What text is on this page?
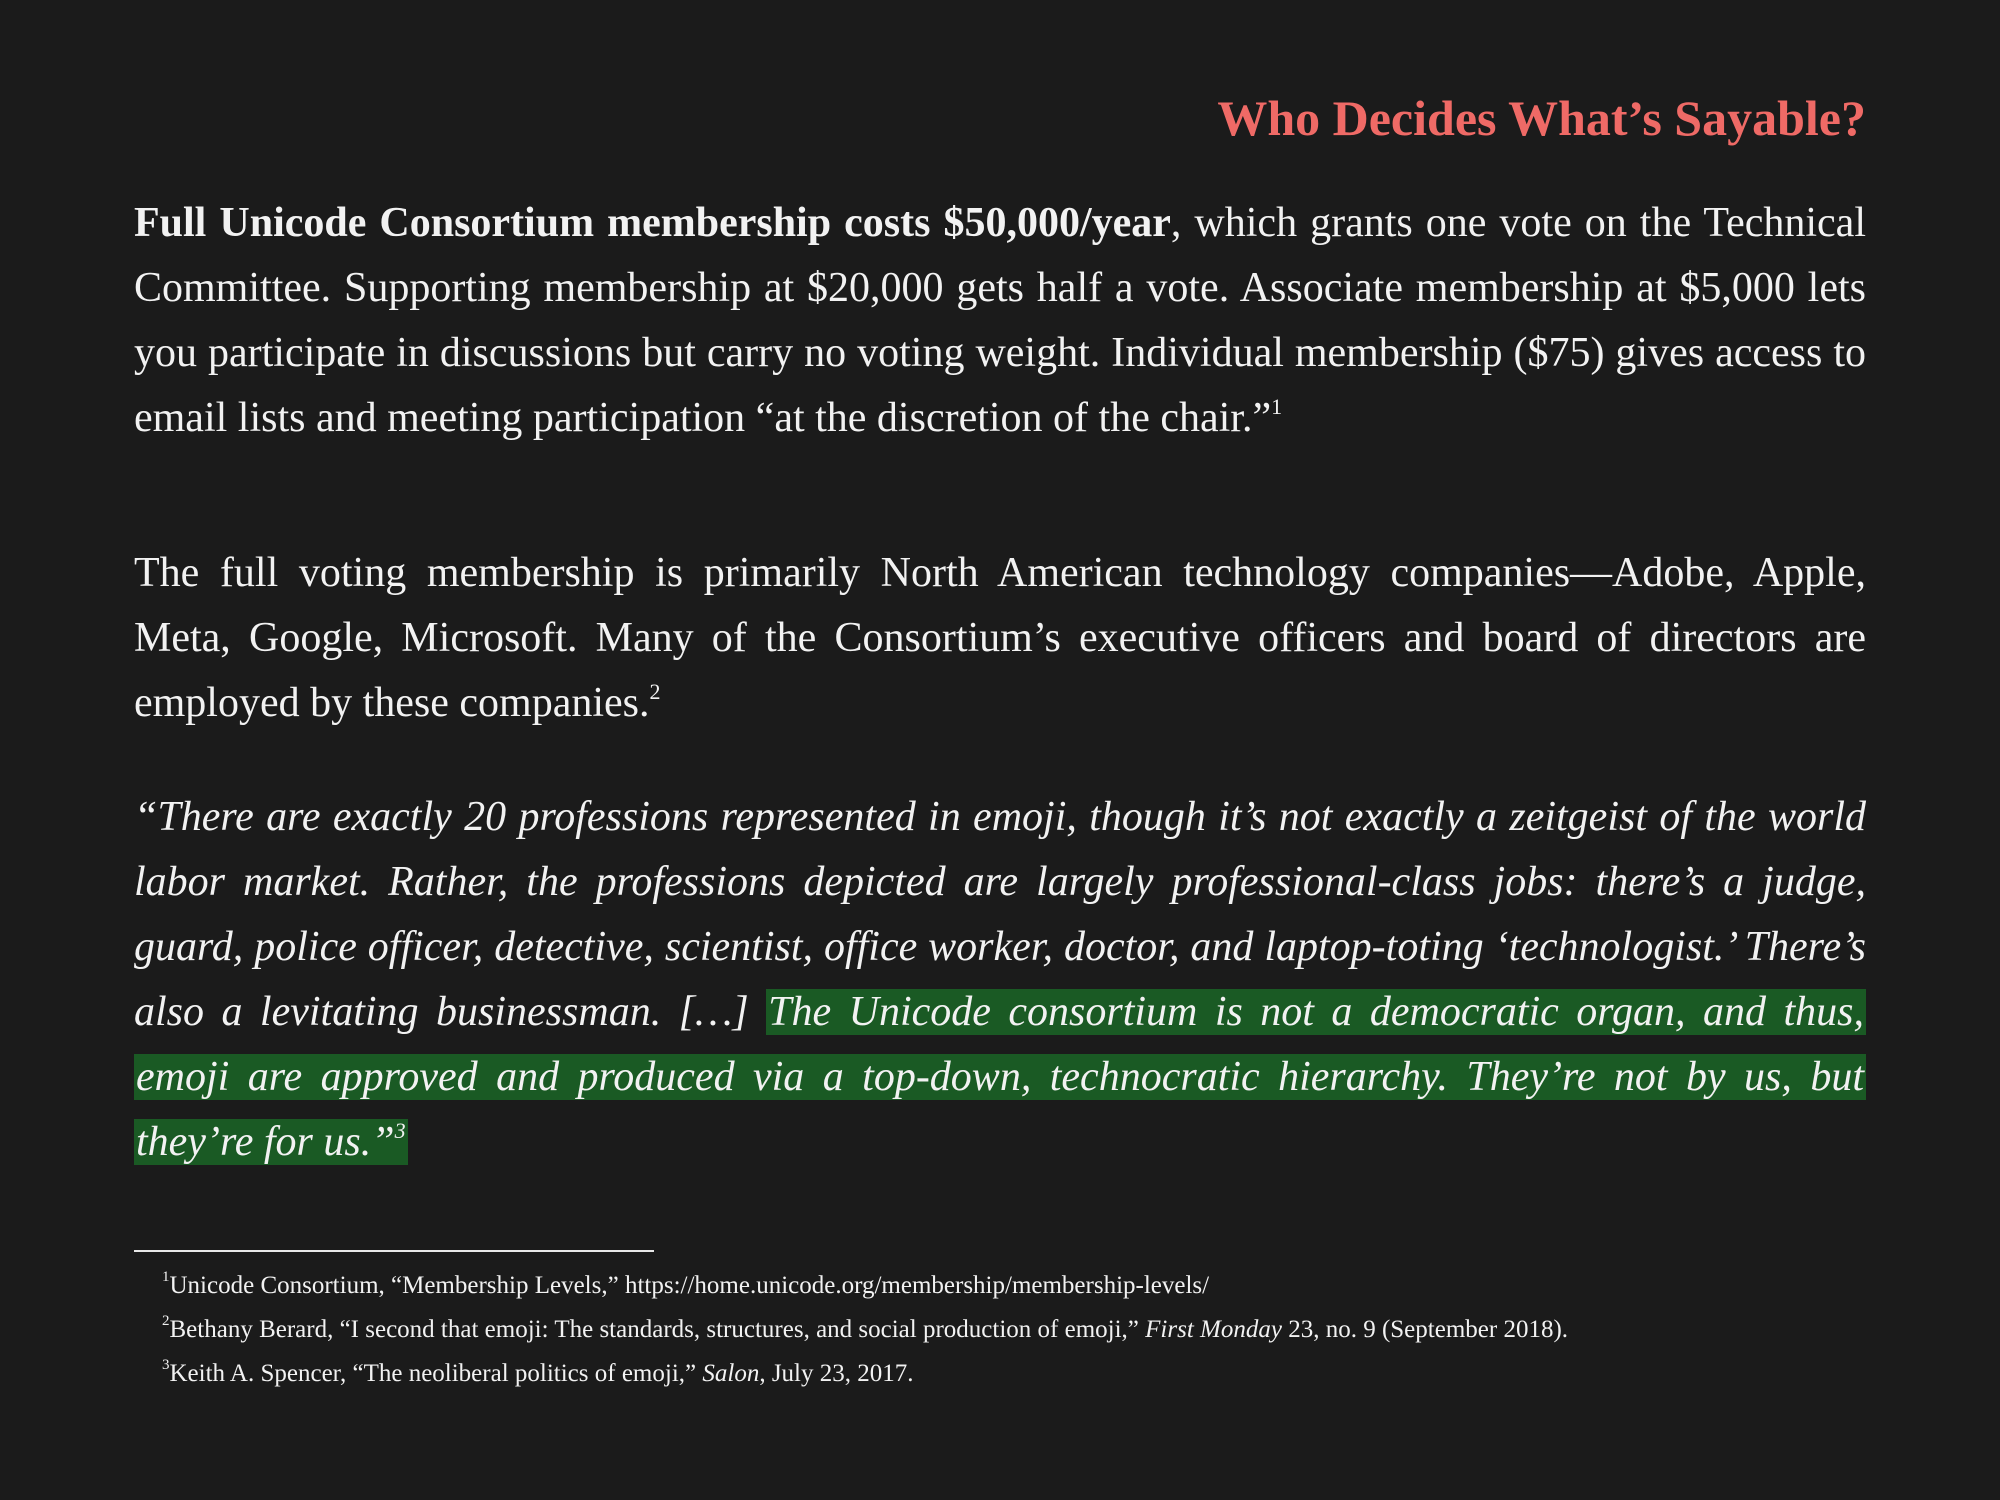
Who Decides What’s Sayable?

Full Unicode Consortium membership costs $50,000/year, which grants one vote on the Technical Committee. Supporting membership at $20,000 gets half a vote. Associate membership at $5,000 lets you participate in discussions but carry no voting weight. Individual membership ($75) gives access to email lists and meeting participation “at the discretion of the chair.”$^1$

The full voting membership is primarily North American technology companies—Adobe, Apple, Meta, Google, Microsoft. Many of the Consortium’s executive officers and board of directors are employed by these companies.$^2$

“There are exactly 20 professions represented in emoji, though it’s not exactly a zeitgeist of the world labor market. Rather, the professions depicted are largely professional-class jobs: there’s a judge, guard, police officer, detective, scientist, office worker, doctor, and laptop-toting ‘technologist.’ There’s also a levitating businessman. […] The Unicode consortium is not a democratic organ, and thus, emoji are approved and produced via a top-down, technocratic hierarchy. They’re not by us, but they’re for us.”$^3$
$^1$Unicode Consortium, “Membership Levels,” https://home.unicode.org/membership/membership-levels/
$^2$Bethany Berard, “I second that emoji: The standards, structures, and social production of emoji,” First Monday 23, no. 9 (September 2018).
$^3$Keith A. Spencer, “The neoliberal politics of emoji,” Salon, July 23, 2017.
